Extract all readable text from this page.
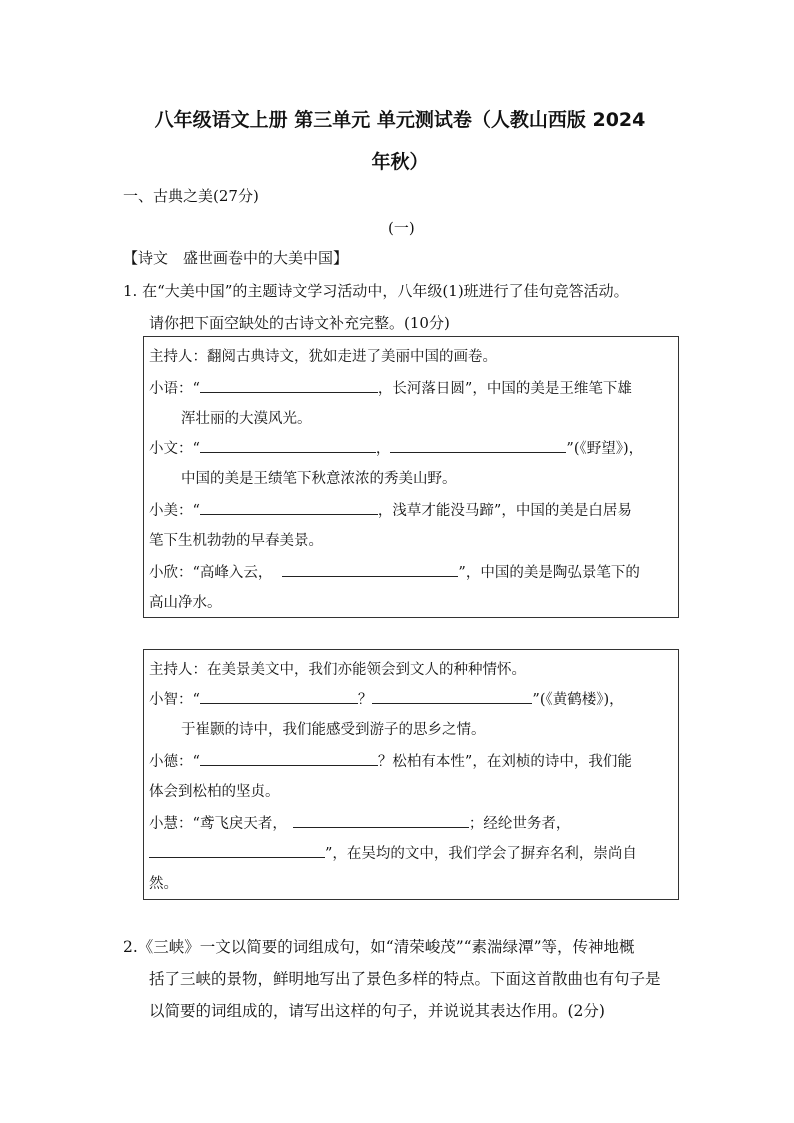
八年级语文上册 第三单元 单元测试卷（人教山西版 2024
年秋）
一、古典之美(27分)
(一)
【诗文　盛世画卷中的大美中国】
1. 在“大美中国”的主题诗文学习活动中，八年级(1)班进行了佳句竞答活动。
请你把下面空缺处的古诗文补充完整。(10分)
主持人：翻阅古典诗文，犹如走进了美丽中国的画卷。
小语：“	，长河落日圆”，中国的美是王维笔下雄
浑壮丽的大漠风光。
小文：“	，	”(《野望》)，
中国的美是王绩笔下秋意浓浓的秀美山野。
小美：“	，浅草才能没马蹄”，中国的美是白居易
笔下生机勃勃的早春美景。
小欣：“高峰入云，	”，中国的美是陶弘景笔下的
高山净水。
主持人：在美景美文中，我们亦能领会到文人的种种情怀。
小智：“	？	”(《黄鹤楼》)，
于崔颢的诗中，我们能感受到游子的思乡之情。
小德：“	？松柏有本性”，在刘桢的诗中，我们能
体会到松柏的坚贞。
小慧：“鸢飞戾天者，	；经纶世务者，
”，在吴均的文中，我们学会了摒弃名利，崇尚自
然。
2.《三峡》一文以简要的词组成句，如“清荣峻茂”“素湍绿潭”等，传神地概
括了三峡的景物，鲜明地写出了景色多样的特点。下面这首散曲也有句子是
以简要的词组成的，请写出这样的句子，并说说其表达作用。(2分)
